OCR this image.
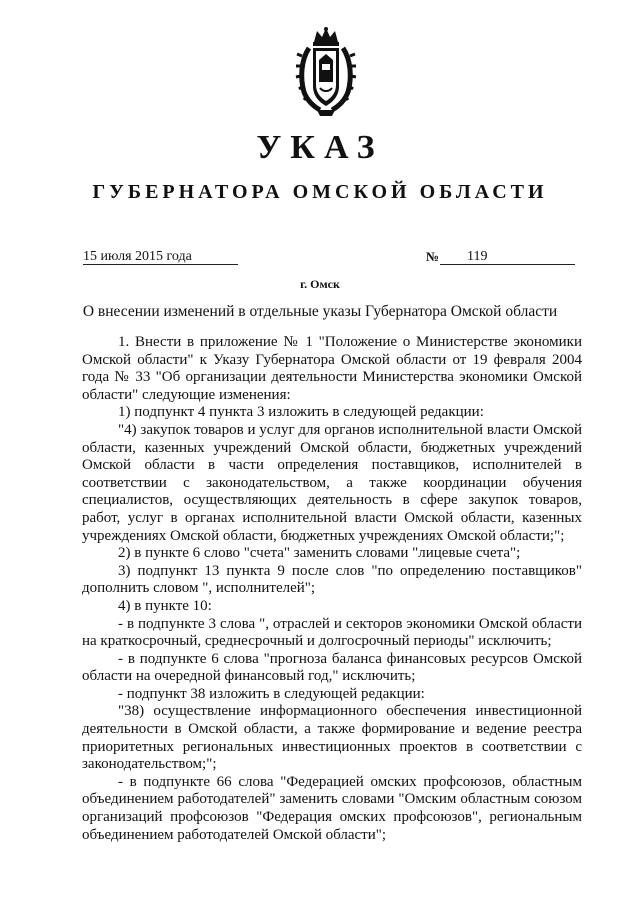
УКАЗ
ГУБЕРНАТОРА ОМСКОЙ ОБЛАСТИ
15 июля 2015 года	№ 119
г. Омск
О внесении изменений в отдельные указы Губернатора Омской области

1. Внести в приложение № 1 "Положение о Министерстве экономики Омской области" к Указу Губернатора Омской области от 19 февраля 2004 года № 33 "Об организации деятельности Министерства экономики Омской области" следующие изменения:

1) подпункт 4 пункта 3 изложить в следующей редакции:

"4) закупок товаров и услуг для органов исполнительной власти Омской области, казенных учреждений Омской области, бюджетных учреждений Омской области в части определения поставщиков, исполнителей в соответствии с законодательством, а также координации обучения специалистов, осуществляющих деятельность в сфере закупок товаров, работ, услуг в органах исполнительной власти Омской области, казенных учреждениях Омской области, бюджетных учреждениях Омской области;";

2) в пункте 6 слово "счета" заменить словами "лицевые счета";

3) подпункт 13 пункта 9 после слов "по определению поставщиков" дополнить словом ", исполнителей";

4) в пункте 10:

- в подпункте 3 слова ", отраслей и секторов экономики Омской области на краткосрочный, среднесрочный и долгосрочный периоды" исключить;

- в подпункте 6 слова "прогноза баланса финансовых ресурсов Омской области на очередной финансовый год," исключить;

- подпункт 38 изложить в следующей редакции:

"38) осуществление информационного обеспечения инвестиционной деятельности в Омской области, а также формирование и ведение реестра приоритетных региональных инвестиционных проектов в соответствии с законодательством;";

- в подпункте 66 слова "Федерацией омских профсоюзов, областным объединением работодателей" заменить словами "Омским областным союзом организаций профсоюзов "Федерация омских профсоюзов", региональным объединением работодателей Омской области";
